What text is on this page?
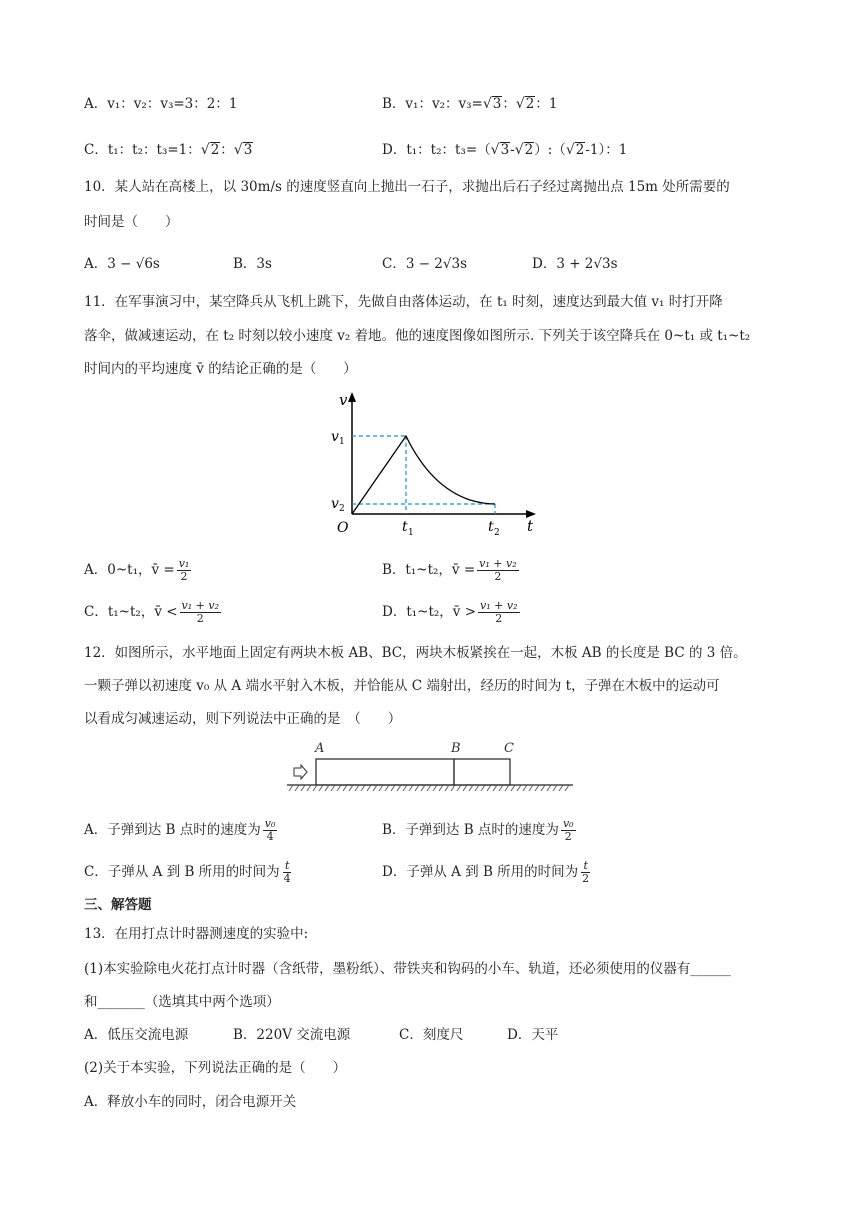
A．v₁：v₂：v₃=3：2：1	B．v₁：v₂：v₃=√3：√2：1
C．t₁：t₂：t₃=1：√2：√3	D．t₁：t₂：t₃=（√3-√2）:（√2-1）：1
10．某人站在高楼上，以 30m/s 的速度竖直向上抛出一石子，求抛出后石子经过离抛出点 15m 处所需要的
时间是（　　）
A．3 − √6s	B．3s	C．3 − 2√3s	D．3 + 2√3s
11．在军事演习中，某空降兵从飞机上跳下，先做自由落体运动，在 t₁ 时刻，速度达到最大值 v₁ 时打开降
落伞，做减速运动，在 t₂ 时刻以较小速度 v₂ 着地。他的速度图像如图所示. 下列关于该空降兵在 0~t₁ 或 t₁~t₂
时间内的平均速度 v̄ 的结论正确的是（　　）
v
t
O
v 1
v 2
t 1	t 2
A．0~t₁，v̄ = $\frac{\text{v₁}}{2}$	B．t₁~t₂，v̄ = $\frac{\text{v₁ + v₂}}{2}$
C．t₁~t₂，v̄ < $\frac{\text{v₁ + v₂}}{2}$	D．t₁~t₂，v̄ > $\frac{\text{v₁ + v₂}}{2}$
12．如图所示，水平地面上固定有两块木板 AB、BC，两块木板紧挨在一起，木板 AB 的长度是 BC 的 3 倍。
一颗子弹以初速度 v₀ 从 A 端水平射入木板，并恰能从 C 端射出，经历的时间为 t，子弹在木板中的运动可
以看成匀减速运动，则下列说法中正确的是　（　　）
A	B	C
A．子弹到达 B 点时的速度为 $\frac{\text{v₀}}{4}$	B．子弹到达 B 点时的速度为 $\frac{\text{v₀}}{2}$
C．子弹从 A 到 B 所用的时间为 $\frac{t}{4}$	D．子弹从 A 到 B 所用的时间为 $\frac{t}{2}$
三、解答题
13．在用打点计时器测速度的实验中:
(1)本实验除电火花打点计时器（含纸带，墨粉纸）、带铁夹和钩码的小车、轨道，还必须使用的仪器有______
和_______（选填其中两个选项）
A．低压交流电源	B．220V 交流电源	C．刻度尺	D．天平
(2)关于本实验，下列说法正确的是（　　）
A．释放小车的同时，闭合电源开关
